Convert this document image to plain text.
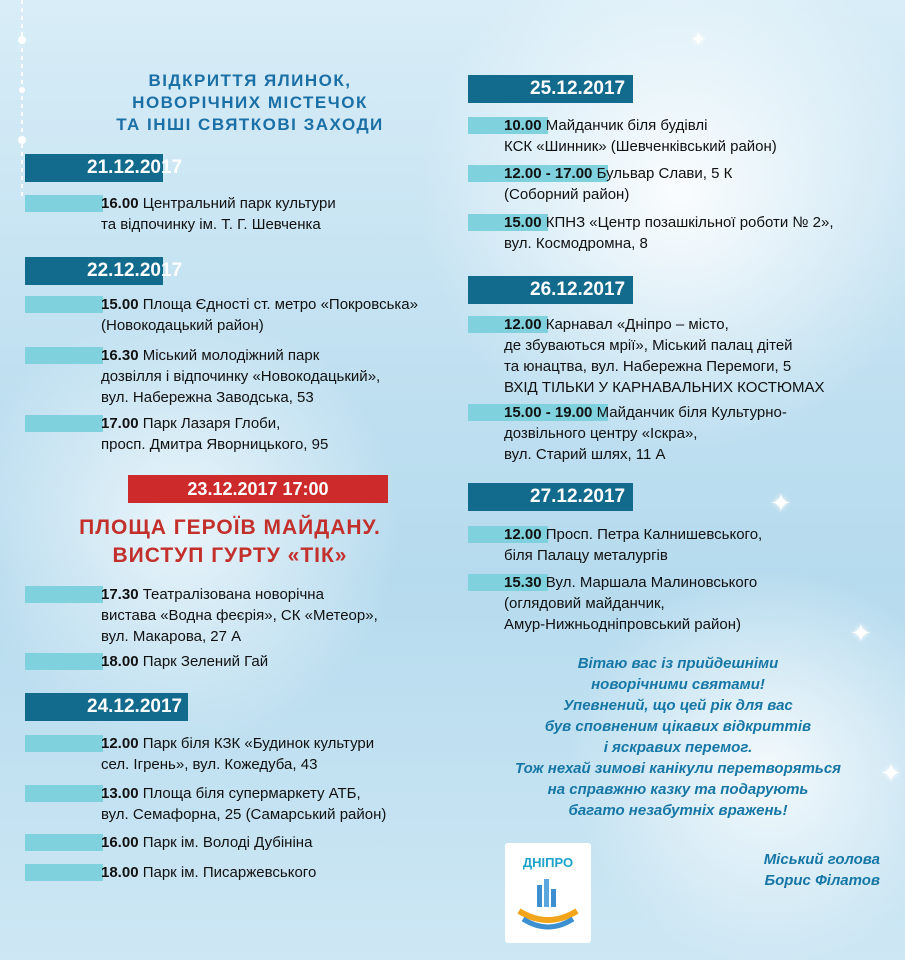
✦
✦
✦
✦
ВІДКРИТТЯ ЯЛИНОК,
НОВОРІЧНИХ МІСТЕЧОК
ТА ІНШІ СВЯТКОВІ ЗАХОДИ
21.12.2017
16.00 Центральний парк культури
та відпочинку ім. Т. Г. Шевченка
22.12.2017
15.00 Площа Єдності ст. метро «Покровська»
(Новокодацький район)
16.30 Міський молодіжний парк
дозвілля і відпочинку «Новокодацький»,
вул. Набережна Заводська, 53
17.00 Парк Лазаря Глоби,
просп. Дмитра Яворницького, 95
23.12.2017 17:00
17.30 Театралізована новорічна
вистава «Водна феєрія», СК «Метеор»,
вул. Макарова, 27 А
18.00 Парк Зелений Гай
24.12.2017
12.00 Парк біля КЗК «Будинок культури
сел. Ігрень», вул. Кожедуба, 43
13.00 Площа біля супермаркету АТБ,
вул. Семафорна, 25 (Самарський район)
16.00 Парк ім. Володі Дубініна
18.00 Парк ім. Писаржевського
ПЛОЩА ГЕРОЇВ МАЙДАНУ.
ВИСТУП ГУРТУ «ТІК»
25.12.2017
10.00 Майданчик біля будівлі
КСК «Шинник» (Шевченківський район)
12.00 - 17.00 Бульвар Слави, 5 К
(Соборний район)
15.00 КПНЗ «Центр позашкільної роботи № 2»,
вул. Космодромна, 8
26.12.2017
12.00 Карнавал «Дніпро – місто,
де збуваються мрії», Міський палац дітей
та юнацтва, вул. Набережна Перемоги, 5
ВХІД ТІЛЬКИ У КАРНАВАЛЬНИХ КОСТЮМАХ
15.00 - 19.00 Майданчик біля Культурно-
дозвільного центру «Іскра»,
вул. Старий шлях, 11 А
27.12.2017
12.00 Просп. Петра Калнишевського,
біля Палацу металургів
15.30 Вул. Маршала Малиновського
(оглядовий майданчик,
Амур-Нижньодніпровський район)
Вітаю вас із прийдешніми
новорічними святами!
Упевнений, що цей рік для вас
був сповненим цікавих відкриттів
і яскравих перемог.
Тож нехай зимові канікули перетворяться
на справжню казку та подарують
багато незабутніх вражень!
ДНІПРО	Міський голова
Борис Філатов
